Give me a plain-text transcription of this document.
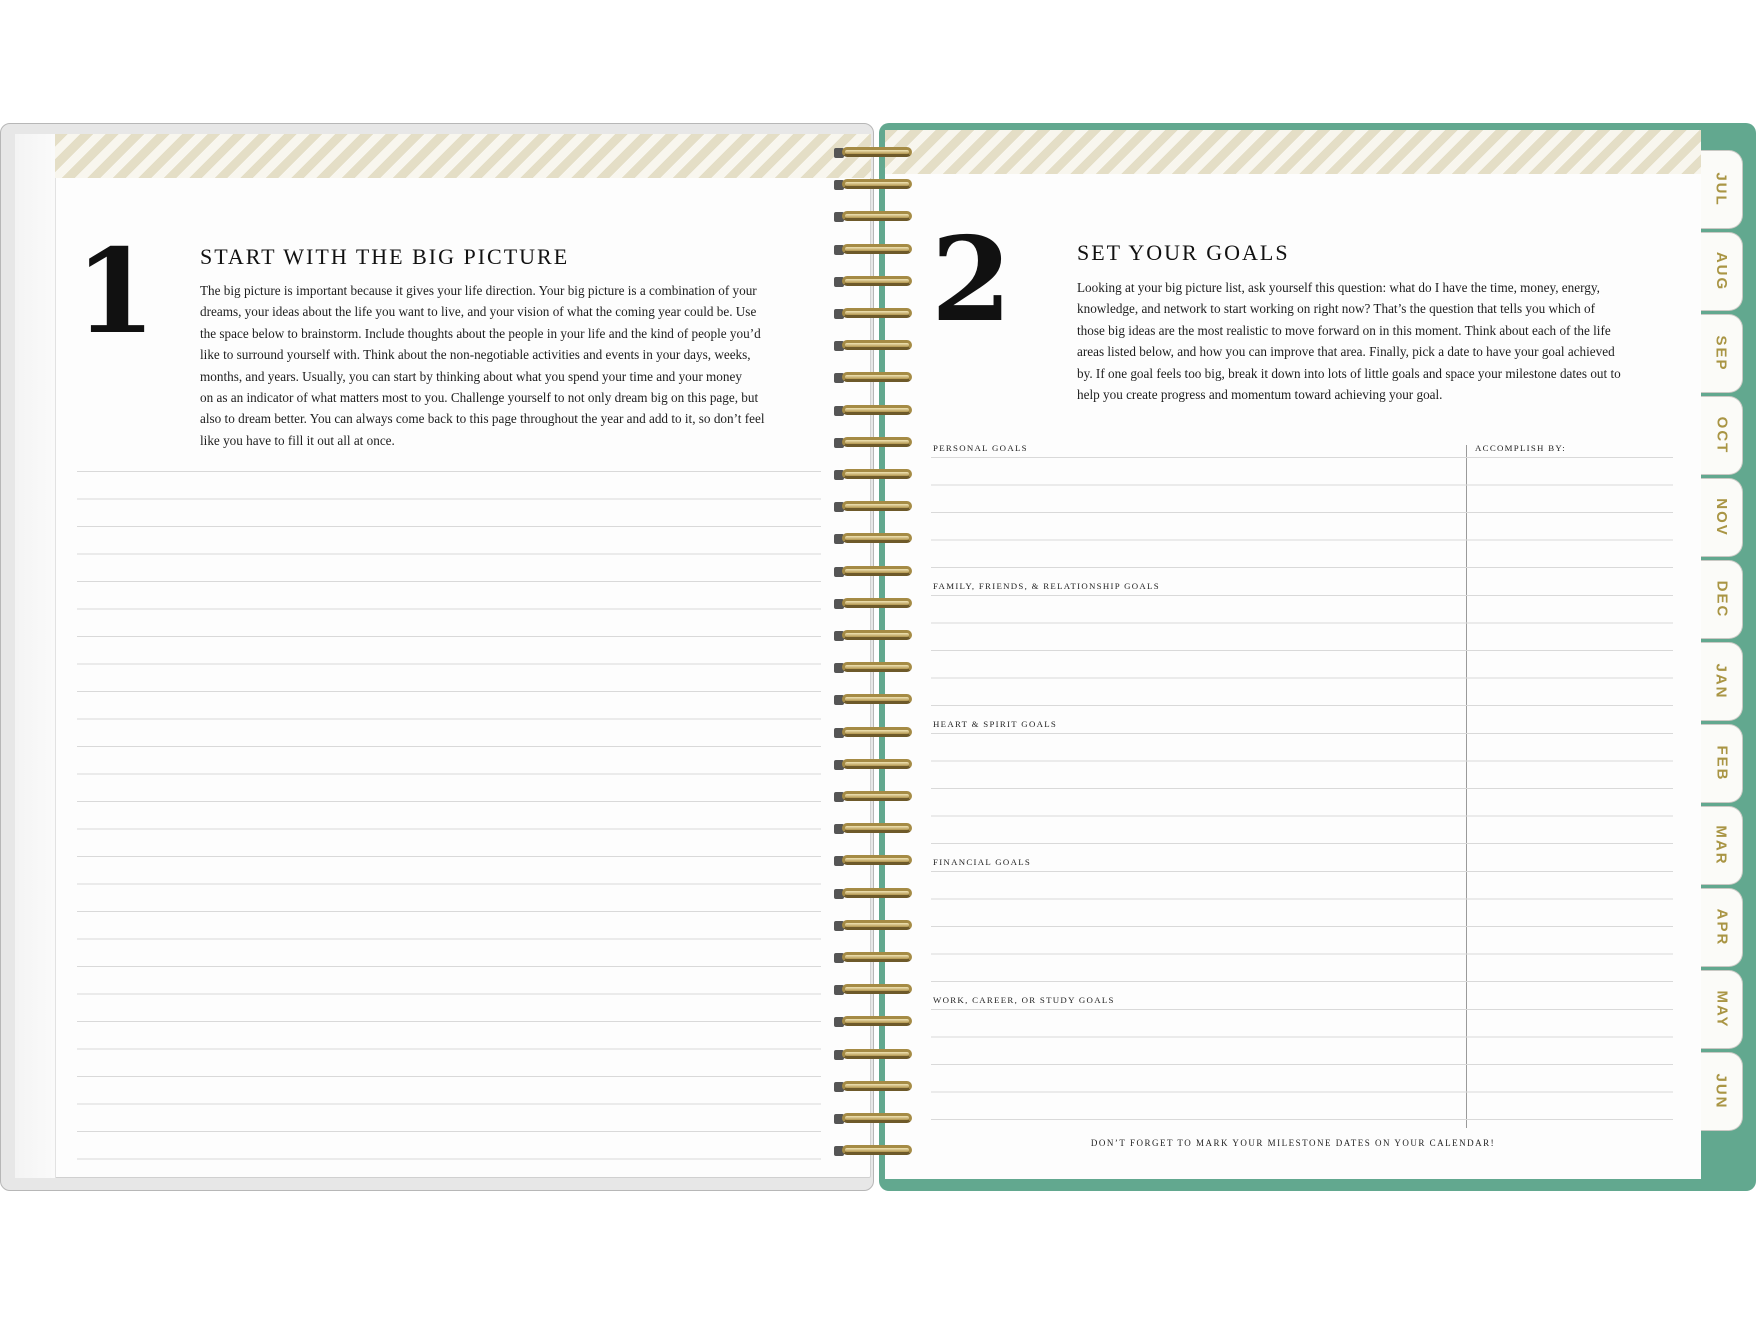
1 START WITH THE BIG PICTURE
The big picture is important because it gives your life direction. Your big picture is a combination of your
dreams, your ideas about the life you want to live, and your vision of what the coming year could be. Use
the space below to brainstorm. Include thoughts about the people in your life and the kind of people you’d
like to surround yourself with. Think about the non-negotiable activities and events in your days, weeks,
months, and years. Usually, you can start by thinking about what you spend your time and your money
on as an indicator of what matters most to you. Challenge yourself to not only dream big on this page, but
also to dream better. You can always come back to this page throughout the year and add to it, so don’t feel
like you have to fill it out all at once.
2	SET YOUR GOALS
Looking at your big picture list, ask yourself this question: what do I have the time, money, energy,
knowledge, and network to start working on right now? That’s the question that tells you which of
those big ideas are the most realistic to move forward on in this moment. Think about each of the life
areas listed below, and how you can improve that area. Finally, pick a date to have your goal achieved
by. If one goal feels too big, break it down into lots of little goals and space your milestone dates out to
help you create progress and momentum toward achieving your goal.
ACCOMPLISH BY:
PERSONAL GOALS
FAMILY, FRIENDS, & RELATIONSHIP GOALS
HEART & SPIRIT GOALS
FINANCIAL GOALS
WORK, CAREER, OR STUDY GOALS
DON’T FORGET TO MARK YOUR MILESTONE DATES ON YOUR CALENDAR!
JUL
AUG
SEP
OCT
NOV
DEC
JAN
FEB
MAR
APR
MAY
JUN
